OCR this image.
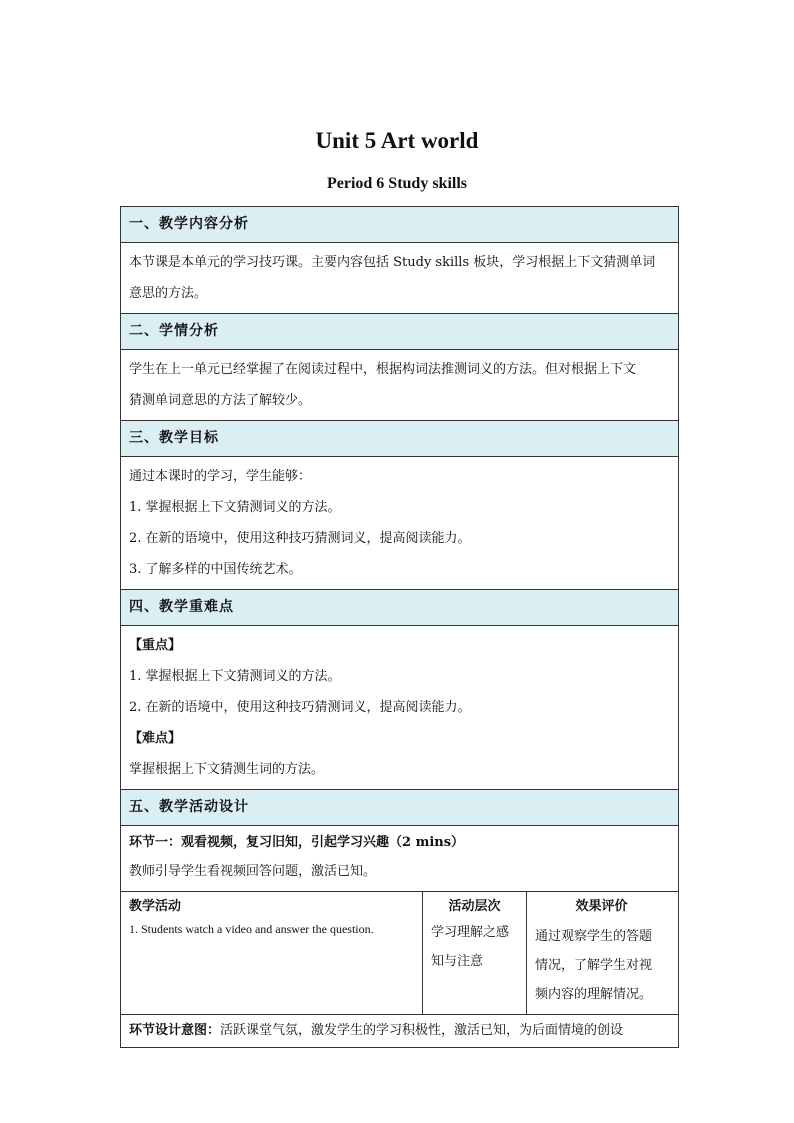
Unit 5 Art world
Period 6 Study skills
一、教学内容分析
本节课是本单元的学习技巧课。主要内容包括 Study skills 板块，学习根据上下文猜测单词
意思的方法。
二、学情分析
学生在上一单元已经掌握了在阅读过程中，根据构词法推测词义的方法。但对根据上下文
猜测单词意思的方法了解较少。
三、教学目标
通过本课时的学习，学生能够：
1. 掌握根据上下文猜测词义的方法。
2. 在新的语境中，使用这种技巧猜测词义，提高阅读能力。
3. 了解多样的中国传统艺术。
四、教学重难点
【重点】
1. 掌握根据上下文猜测词义的方法。
2. 在新的语境中，使用这种技巧猜测词义，提高阅读能力。
【难点】
掌握根据上下文猜测生词的方法。
五、教学活动设计
环节一：观看视频，复习旧知，引起学习兴趣（2 mins）
教师引导学生看视频回答问题，激活已知。
教学活动
1. Students watch a video and answer the question.
活动层次
学习理解之感
知与注意
效果评价
通过观察学生的答题
情况，了解学生对视
频内容的理解情况。
环节设计意图：活跃课堂气氛，激发学生的学习积极性，激活已知，为后面情境的创设
